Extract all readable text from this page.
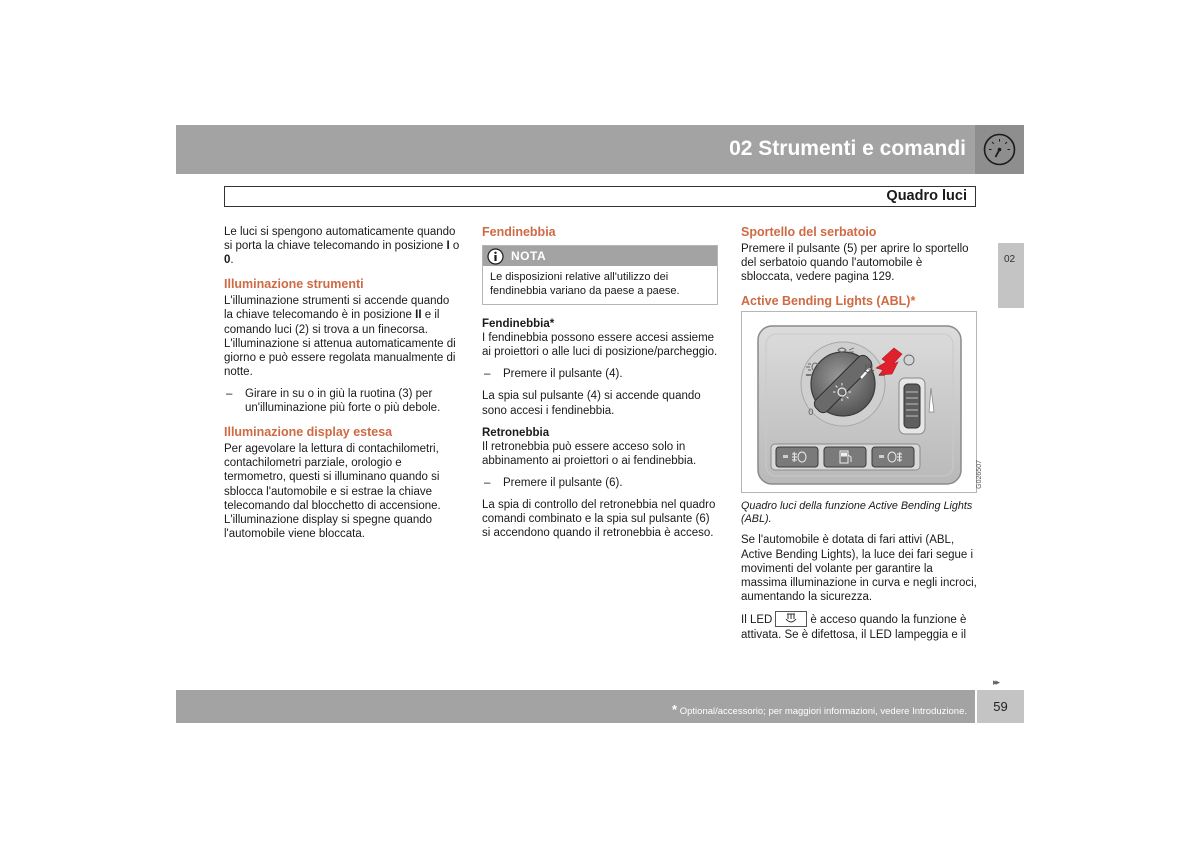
02 Strumenti e comandi
Quadro luci
02

Le luci si spengono automaticamente quando si porta la chiave telecomando in posizione I o 0.

Illuminazione strumenti

L'illuminazione strumenti si accende quando la chiave telecomando è in posizione II e il comando luci (2) si trova a un finecorsa. L'illuminazione si attenua automaticamente di giorno e può essere regolata manualmente di notte.

–	Girare in su o in giù la ruotina (3) per un'illuminazione più forte o più debole.
Illuminazione display estesa

Per agevolare la lettura di contachilometri, contachilometri parziale, orologio e termometro, questi si illuminano quando si sblocca l'automobile e si estrae la chiave telecomando dal blocchetto di accensione. L'illuminazione display si spegne quando l'automobile viene bloccata.

Fendinebbia
NOTA
Le disposizioni relative all'utilizzo dei fendinebbia variano da paese a paese.
Fendinebbia*

I fendinebbia possono essere accesi assieme ai proiettori o alle luci di posizione/parcheggio.

–	Premere il pulsante (4).

La spia sul pulsante (4) si accende quando sono accesi i fendinebbia.

Retronebbia

Il retronebbia può essere acceso solo in abbinamento ai proiettori o ai fendinebbia.

–	Premere il pulsante (6).

La spia di controllo del retronebbia nel quadro comandi combinato e la spia sul pulsante (6) si accendono quando il retronebbia è acceso.

Sportello del serbatoio

Premere il pulsante (5) per aprire lo sportello del serbatoio quando l'automobile è sbloccata, vedere pagina 129.

Active Bending Lights (ABL)*
0
G026507

Quadro luci della funzione Active Bending Lights (ABL).

Se l'automobile è dotata di fari attivi (ABL, Active Bending Lights), la luce dei fari segue i movimenti del volante per garantire la massima illuminazione in curva e negli incroci, aumentando la sicurezza.

Il LED	è acceso quando la funzione è attivata. Se è difettosa, il LED lampeggia e il

▸▸
* Optional/accessorio; per maggiori informazioni, vedere Introduzione.	59
